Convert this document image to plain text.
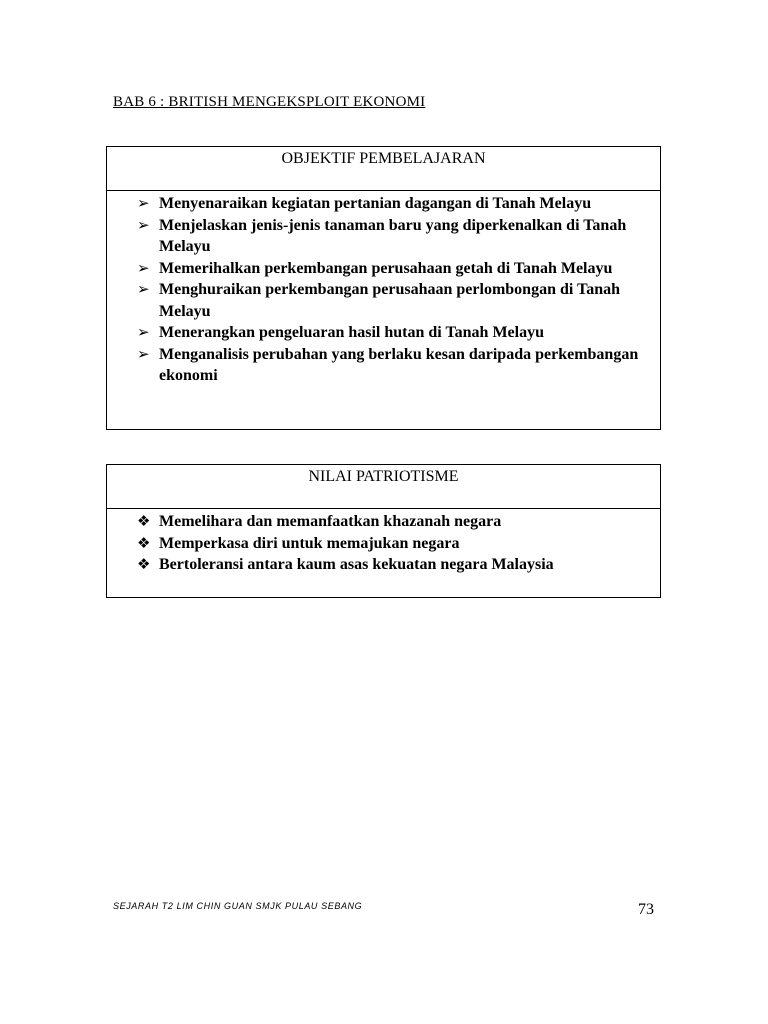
BAB 6 : BRITISH MENGEKSPLOIT EKONOMI
OBJEKTIF PEMBELAJARAN
➢ Menyenaraikan kegiatan pertanian dagangan di Tanah Melayu
➢ Menjelaskan jenis-jenis tanaman baru yang diperkenalkan di Tanah Melayu
➢ Memerihalkan perkembangan perusahaan getah di Tanah Melayu
➢ Menghuraikan perkembangan perusahaan perlombongan di Tanah Melayu
➢ Menerangkan pengeluaran hasil hutan di Tanah Melayu
➢ Menganalisis perubahan yang berlaku kesan daripada perkembangan ekonomi
NILAI PATRIOTISME
❖ Memelihara dan memanfaatkan khazanah negara
❖ Memperkasa diri untuk memajukan negara
❖ Bertoleransi antara kaum asas kekuatan negara Malaysia
SEJARAH T2 LIM CHIN GUAN SMJK PULAU SEBANG	73
